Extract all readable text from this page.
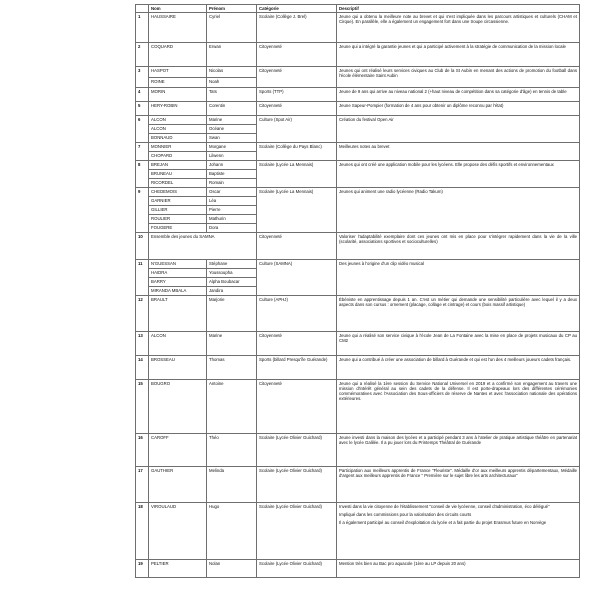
	Nom	Prénom	Catégorie	Descriptif
1	HAUSSAIRE	Cyriel	Scolaire (Collège J. Brel)	Jeune qui a obtenu la meilleure note au brevet et qui s'est impliquée dans les parcours artistiques et culturels (CHAM et Cirque). En parallèle, elle a également un engagement fort dans une troupe circassienne.

2	COQUARD	Erwan	Citoyenneté	Jeune qui a intégré la garantie jeunes et qui a participé activement à la stratégie de communication de la mission locale

3	HASPOT	Nicolas	Citoyenneté	Jeunes qui ont réalisé leurs services civiques au Club de la St Aubin en menant des actions de promotion du football dans l'école élémentaire Saint Aubin

	ROINE	Noah		
4	MORIN	Taïs	Sports (TTP)	Jeune de 9 ans qui arrive au niveau national 2 (+haut niveau de compétition dans sa catégorie d'âge) en tennis de table

5	HERY-ROBIN	Corentin	Citoyenneté	Jeune Sapeur-Pompier (formation de 4 ans pour obtenir un diplôme reconnu par l'état)

6	ALCON	Marine	Culture (Spot Air)	Création du festival Open Air

	ALCON	Océane		
	BONNAUD	Swan		
7	MONNIER	Morgane	Scolaire (Collège du Pays Blanc)	Meilleures notes au brevet

	CHOPARD	Lilwenn		
8	BREJAN	Johann	Scolaire (Lycée La Mennais)	Jeunes qui ont créé une application mobile pour les lycéens. Elle propose des défis sportifs et environnementaux

	BRUNEAU	Baptiste		
	RICORDEL	Romain		
9	CHEDEMOIS	Oscar	Scolaire (Lycée La Mennais)	Jeunes qui animent une radio lycéenne (Radio Takum)

	GARNIER	Léa		
	GILLIER	Pierre		
	ROULIER	Mathurin		
	FOUGERE	Dora		
10	Ensemble des jeunes du SAMNA		Citoyenneté	Valoriser l'adaptabilité exemplaire dont ces jeunes ont mis en place pour s'intégrer rapidement dans la vie de la ville (scolarité, associations sportives et socioculturelles)

11	N'GUESSAN	Stéphane	Culture (SAMNA)	Des jeunes à l'origine d'un clip vidéo musical

	HAIDRA	Youssoupha		
	BARRY	Alpha Boubacar		
	MIRANDA MBALA	Jandira		
12	BRAULT	Marjorie	Culture (APHJ)	Ébéniste en apprentissage depuis 1 an. C'est un métier qui demande une sensibilité particulière avec lequel il y a deux aspects dans son cursus : ornement (placage, collage et cintrage) et cours (bois massif artistique)

13	ALCON	Marine	Citoyenneté	Jeune qui a réalisé son service civique à l'école Jean de La Fontaine avec la mise en place de projets musicaux du CP au CM2

14	BROSSEAU	Thomas	Sports (billard Presqu'île Guérande)	Jeune qui a contribué à créer une association de billard à Guérande et qui est l'un des 4 meilleurs joueurs cadets français.

15	BOUGRO	Antoine	Citoyenneté	Jeune qui a réalisé la 1ère session du Service National Universel en 2019 et a confirmé son engagement au travers une mission d'intérêt général au sein des cadets de la défense. Il est porte-drapeaux lors des différentes cérémonies commémoratives avec l'Association des Sous-officiers de réserve de Nantes et avec l'association nationale des opérations extérieures.

16	CAROFF	Théo	Scolaire (Lycée Olivier Guichard)	Jeune investi dans la maison des lycées et a participé pendant 3 ans à l'atelier de pratique artistique théâtre en partenariat avec le lycée Galilée. Il a pu jouer lors du Printemps Théâtral de Guérande

17	GAUTHIER	Melinda	Scolaire (Lycée Olivier Guichard)	Participation aux meilleurs apprentis de France "Fleuriste". Médaille d'or aux meilleurs apprentis départementaux, Médaille d'argent aux meilleurs apprentis de France " Première sur le sujet libre les arts architecturaux"

18	VIROULAUD	Hugo	Scolaire (Lycée Olivier Guichard)	Investi dans la vie citoyenne de l'établissement "conseil de vie lycéenne, conseil d'administration, éco délégué"
Impliqué dans les commissions pour la valorisation des circuits courts
Il a également participé au conseil d'exploitation du lycée et a fait partie du projet Erasmus future en Norvège

19	PELTIER	Nolan	Scolaire (Lycée Olivier Guichard)	Mention très bien au Bac pro aquacole (1ère au LP depuis 20 ans)
